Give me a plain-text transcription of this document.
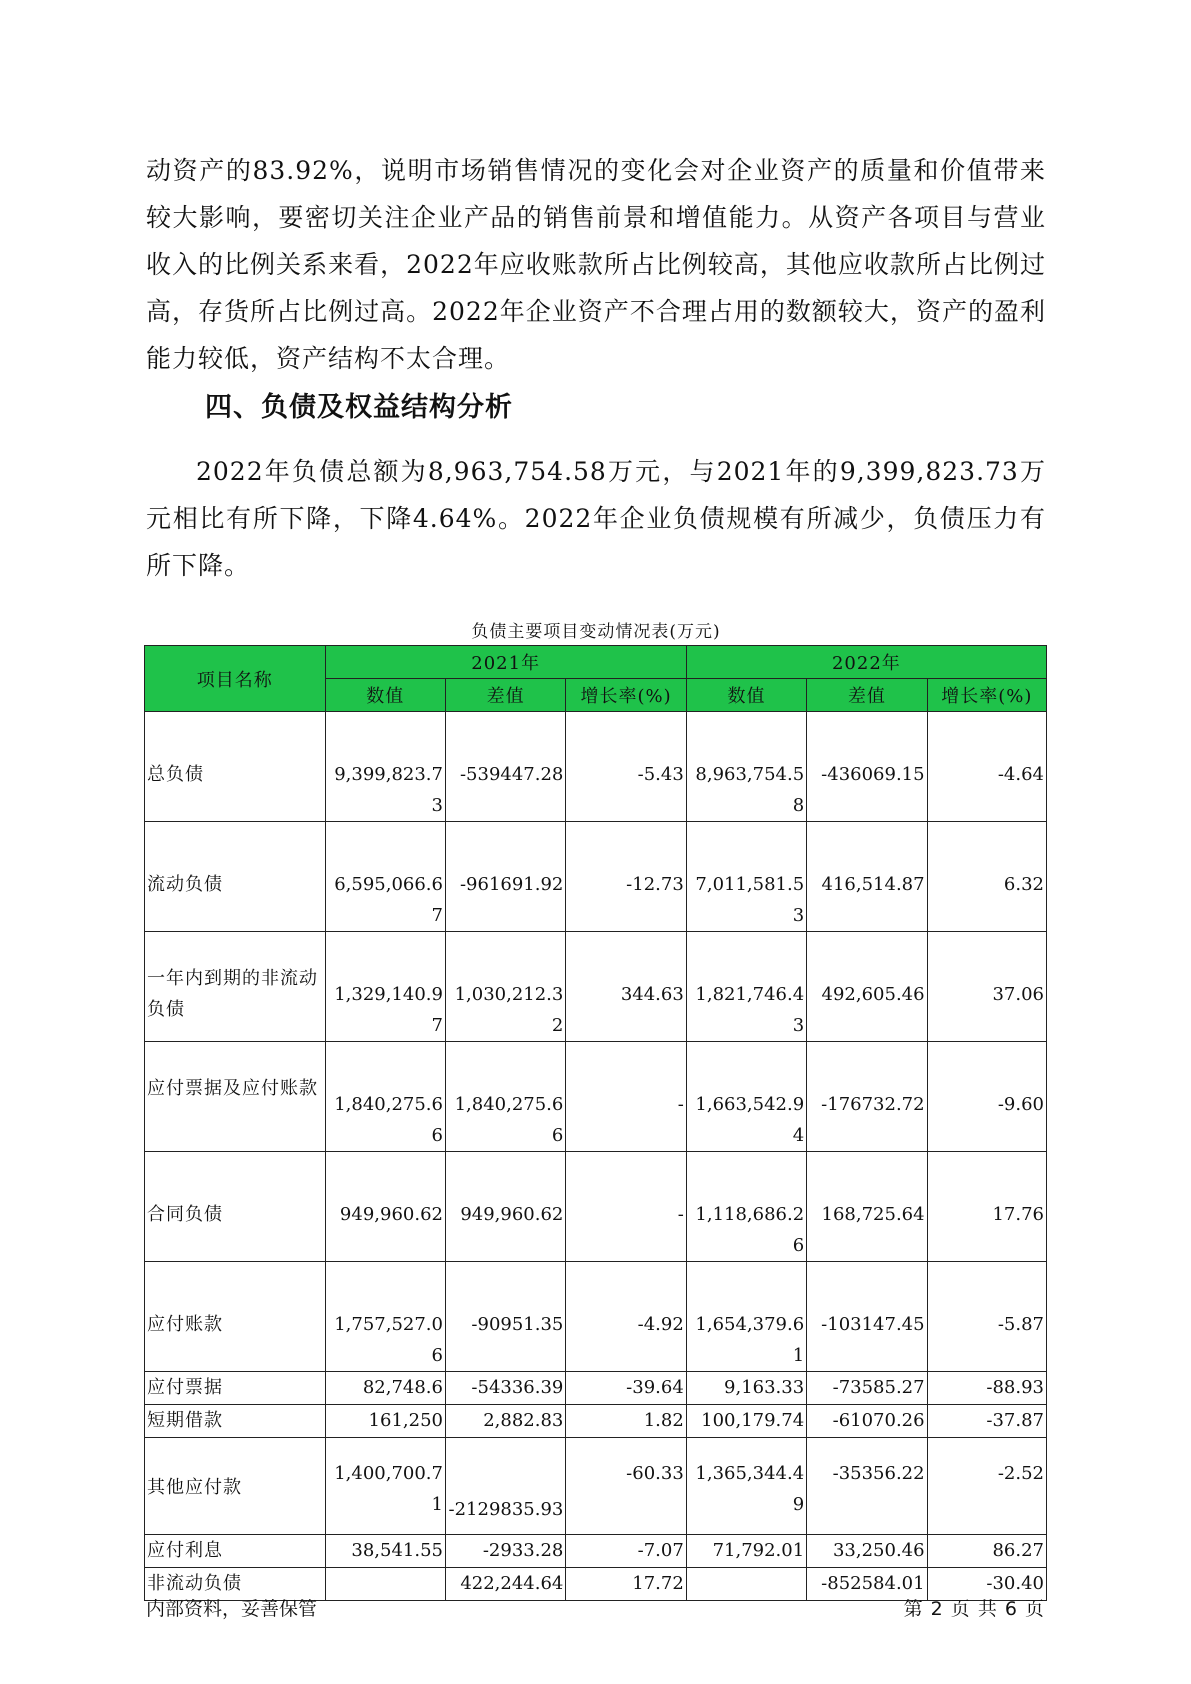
动资产的83.92%，说明市场销售情况的变化会对企业资产的质量和价值带来较大影响，要密切关注企业产品的销售前景和增值能力。从资产各项目与营业收入的比例关系来看，2022年应收账款所占比例较高，其他应收款所占比例过高，存货所占比例过高。2022年企业资产不合理占用的数额较大，资产的盈利能力较低，资产结构不太合理。

四、负债及权益结构分析

2022年负债总额为8,963,754.58万元，与2021年的9,399,823.73万元相比有所下降，下降4.64%。2022年企业负债规模有所减少，负债压力有所下降。

负债主要项目变动情况表(万元)
项目名称	2021年			2022年		
	数值	差值	增长率(%)	数值	差值	增长率(%)
总负债	9,399,823.73	-539447.28	-5.43	8,963,754.58	-436069.15	-4.64
流动负债	6,595,066.67	-961691.92	-12.73	7,011,581.53	416,514.87	6.32
一年内到期的非流动负债	1,329,140.97	1,030,212.32	344.63	1,821,746.43	492,605.46	37.06
应付票据及应付账款	1,840,275.66	1,840,275.66	-	1,663,542.94	-176732.72	-9.60
合同负债	949,960.62	949,960.62	-	1,118,686.26	168,725.64	17.76
应付账款	1,757,527.06	-90951.35	-4.92	1,654,379.61	-103147.45	-5.87
应付票据	82,748.6	-54336.39	-39.64	9,163.33	-73585.27	-88.93
短期借款	161,250	2,882.83	1.82	100,179.74	-61070.26	-37.87
其他应付款	1,400,700.71	-2129835.93	-60.33	1,365,344.49	-35356.22	-2.52
应付利息	38,541.55	-2933.28	-7.07	71,792.01	33,250.46	86.27
非流动负债		422,244.64	17.72		-852584.01	-30.40
内部资料，妥善保管	第 2 页 共 6 页
